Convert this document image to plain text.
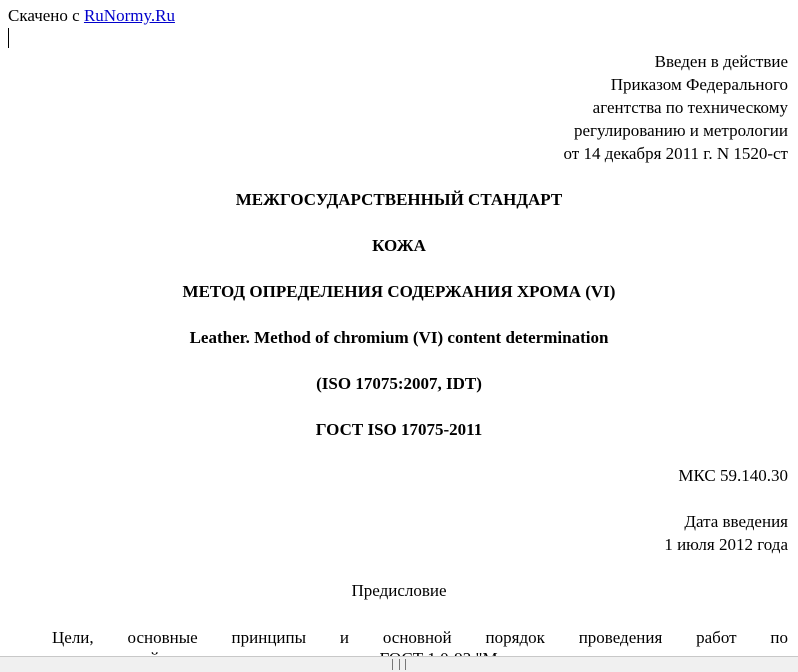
Скачено с RuNormy.Ru
Введен в действие
Приказом Федерального
агентства по техническому
регулированию и метрологии
от 14 декабря 2011 г. N 1520-ст
МЕЖГОСУДАРСТВЕННЫЙ СТАНДАРТ
КОЖА
МЕТОД ОПРЕДЕЛЕНИЯ СОДЕРЖАНИЯ ХРОМА (VI)
Leather. Method of chromium (VI) content determination
(ISO 17075:2007, IDT)
ГОСТ ISO 17075-2011
МКС 59.140.30
Дата введения
1 июля 2012 года
Предисловие
Цели, основные принципы и основной порядок проведения работ по
